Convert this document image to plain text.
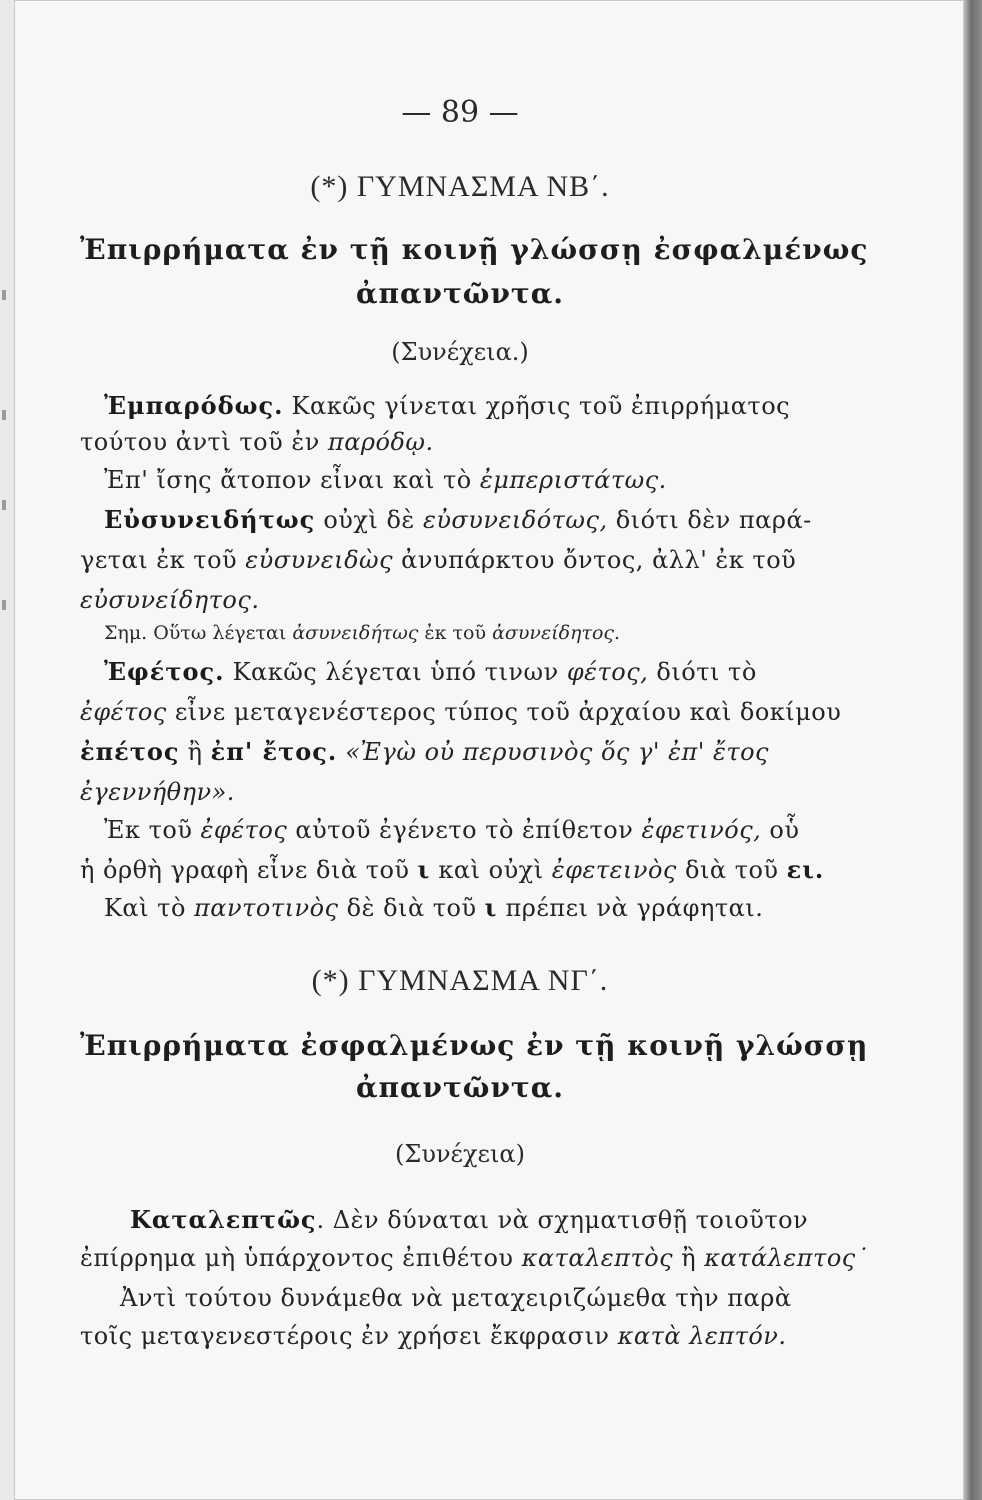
— 89 —
(*) ΓΥΜΝΑΣΜΑ ΝΒ΄.
Ἐπιρρήματα ἐν τῇ κοινῇ γλώσσῃ ἐσφαλμένως
ἀπαντῶντα.
(Συνέχεια.)
Ἐμπαρόδως. Κακῶς γίνεται χρῆσις τοῦ ἐπιρρήματος
τούτου ἀντὶ τοῦ ἐν παρόδῳ.
Ἐπ' ἴσης ἄτοπον εἶναι καὶ τὸ ἐμπεριστάτως.
Εὐσυνειδήτως οὐχὶ δὲ εὐσυνειδότως, διότι δὲν παρά-
γεται ἐκ τοῦ εὐσυνειδὼς ἀνυπάρκτου ὄντος, ἀλλ' ἐκ τοῦ
εὐσυνείδητος.
Σημ. Οὕτω λέγεται ἀσυνειδήτως ἐκ τοῦ ἀσυνείδητος.
Ἐφέτος. Κακῶς λέγεται ὑπό τινων φέτος, διότι τὸ
ἐφέτος εἶνε μεταγενέστερος τύπος τοῦ ἀρχαίου καὶ δοκίμου
ἐπέτος ἢ ἐπ' ἔτος. «Ἐγὼ οὐ περυσινὸς ὅς γ' ἐπ' ἔτος
ἐγεννήθην».
Ἐκ τοῦ ἐφέτος αὐτοῦ ἐγένετο τὸ ἐπίθετον ἐφετινός, οὗ
ἡ ὀρθὴ γραφὴ εἶνε διὰ τοῦ ι καὶ οὐχὶ ἐφετεινὸς διὰ τοῦ ει.
Καὶ τὸ παντοτινὸς δὲ διὰ τοῦ ι πρέπει νὰ γράφηται.
(*) ΓΥΜΝΑΣΜΑ ΝΓ΄.
Ἐπιρρήματα ἐσφαλμένως ἐν τῇ κοινῇ γλώσσῃ
ἀπαντῶντα.
(Συνέχεια)
Καταλεπτῶς. Δὲν δύναται νὰ σχηματισθῇ τοιοῦτον
ἐπίρρημα μὴ ὑπάρχοντος ἐπιθέτου καταλεπτὸς ἢ κατάλεπτος˙
Ἀντὶ τούτου δυνάμεθα νὰ μεταχειριζώμεθα τὴν παρὰ
τοῖς μεταγενεστέροις ἐν χρήσει ἔκφρασιν κατὰ λεπτόν.
